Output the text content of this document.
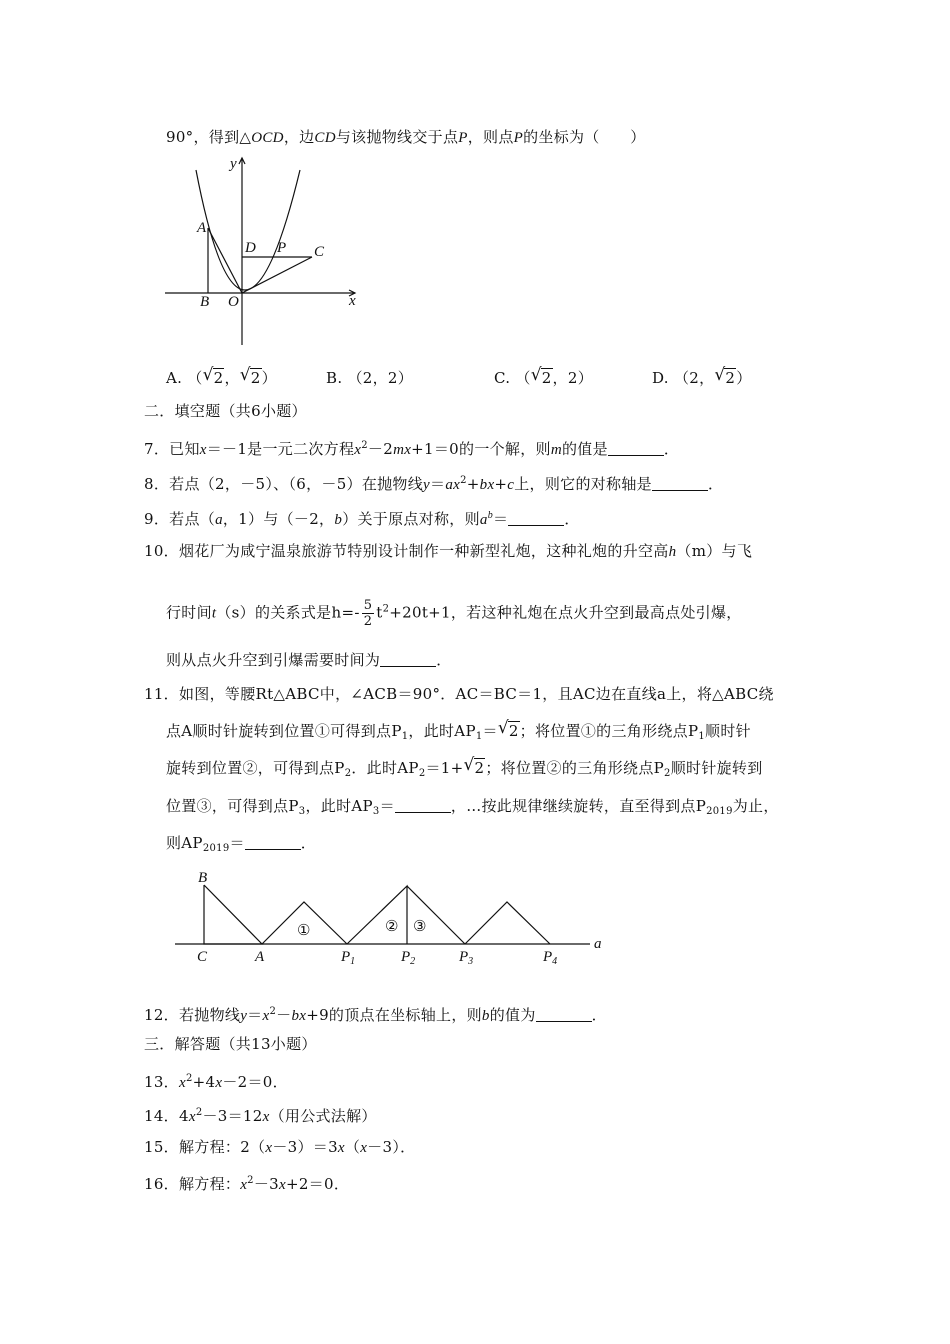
90°，得到△OCD，边CD与该抛物线交于点P，则点P的坐标为（　　）
y
x
A
B O
D P C
A. （ √ 2， √ 2）	B. （2，2）	C. （ √ 2，2）	D. （2， √ 2）
二．填空题（共6小题）
7．已知x＝－1是一元二次方程$x^2-2mx+1=0$的一个解，则m的值是	．
8．若点（2，－5）、（6，－5）在抛物线$y=ax^2+bx+c$上，则它的对称轴是	．
9．若点（a，1）与（－2，b）关于原点对称，则$a^b=$	．
10．烟花厂为咸宁温泉旅游节特别设计制作一种新型礼炮，这种礼炮的升空高h（m）与飞
行时间t（s）的关系式是$h=- \frac{5}{2} t^2+20t+1$，若这种礼炮在点火升空到最高点处引爆，
则从点火升空到引爆需要时间为	．
11．如图，等腰Rt△ABC中，∠ACB＝90°．AC＝BC＝1，且AC边在直线a上，将△ABC绕
点A顺时针旋转到位置①可得到点$P_1$，此时$AP_1=$ √ 2；将位置①的三角形绕点$P_1$顺时针
旋转到位置②，可得到点$P_2$．此时$AP_2=1+$ √ 2；将位置②的三角形绕点$P_2$顺时针旋转到
位置③，可得到点$P_3$，此时$AP_3=$	，…按此规律继续旋转，直至得到点$P_{2019}$为止，
则$AP_{2019}=$	．
B
C	A	$P_1$	$P_2$	$P_3$	$P_4$
a
①	② ③
12．若抛物线$y=x^2-bx+9$的顶点在坐标轴上，则b的值为	．
三．解答题（共13小题）
13．$x^2+4x-2=0$．
14．$4x^2-3=12x$（用公式法解）
15．解方程：2（x－3）＝3x（x－3）．
16．解方程：$x^2-3x+2=0$．
